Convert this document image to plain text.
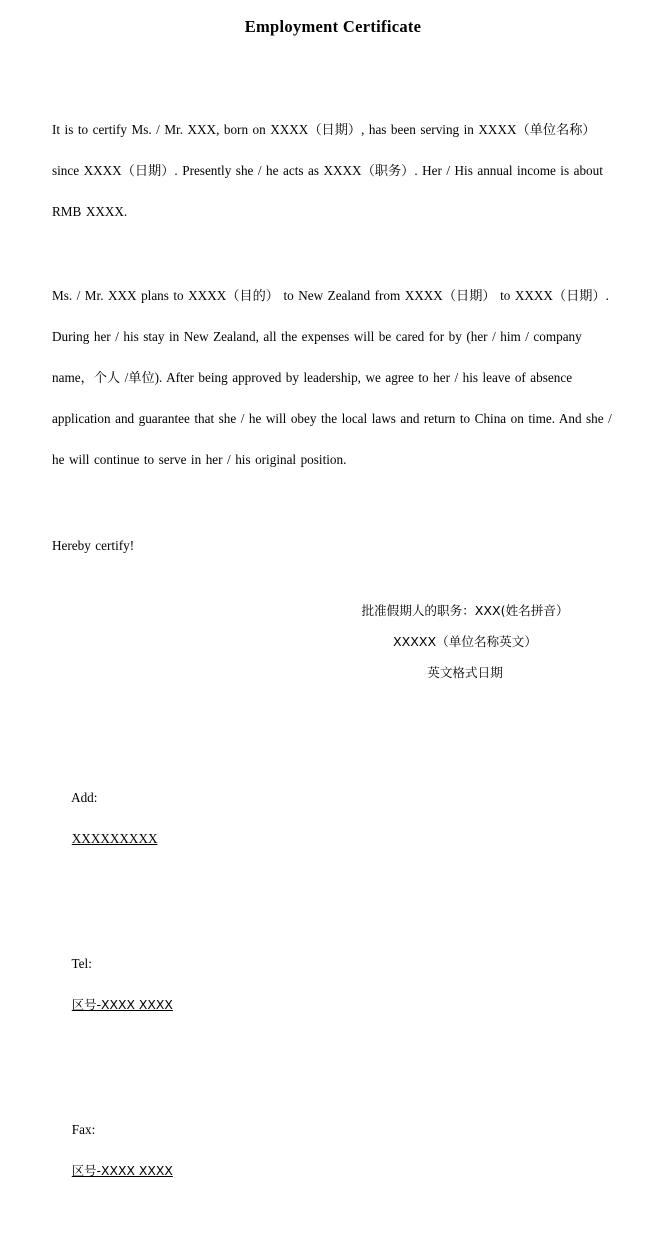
Employment Certificate
It is to certify Ms. / Mr. XXX, born on XXXX（日期）, has been serving in XXXX（单位名称） since XXXX（日期）. Presently she / he acts as XXXX（职务）. Her / His annual income is about RMB XXXX.
Ms. / Mr. XXX plans to XXXX（目的） to New Zealand from XXXX（日期） to XXXX（日期）. During her / his stay in New Zealand, all the expenses will be cared for by (her / him / company name，个人 /单位). After being approved by leadership, we agree to her / his leave of absence application and guarantee that she / he will obey the local laws and return to China on time. And she / he will continue to serve in her / his original position.
Hereby certify!
批准假期人的职务：XXX(姓名拼音）
XXXXX（单位名称英文）
英文格式日期

Add:
XXXXXXXXX

Tel:
区号-XXXX XXXX

Fax:
区号-XXXX XXXX
